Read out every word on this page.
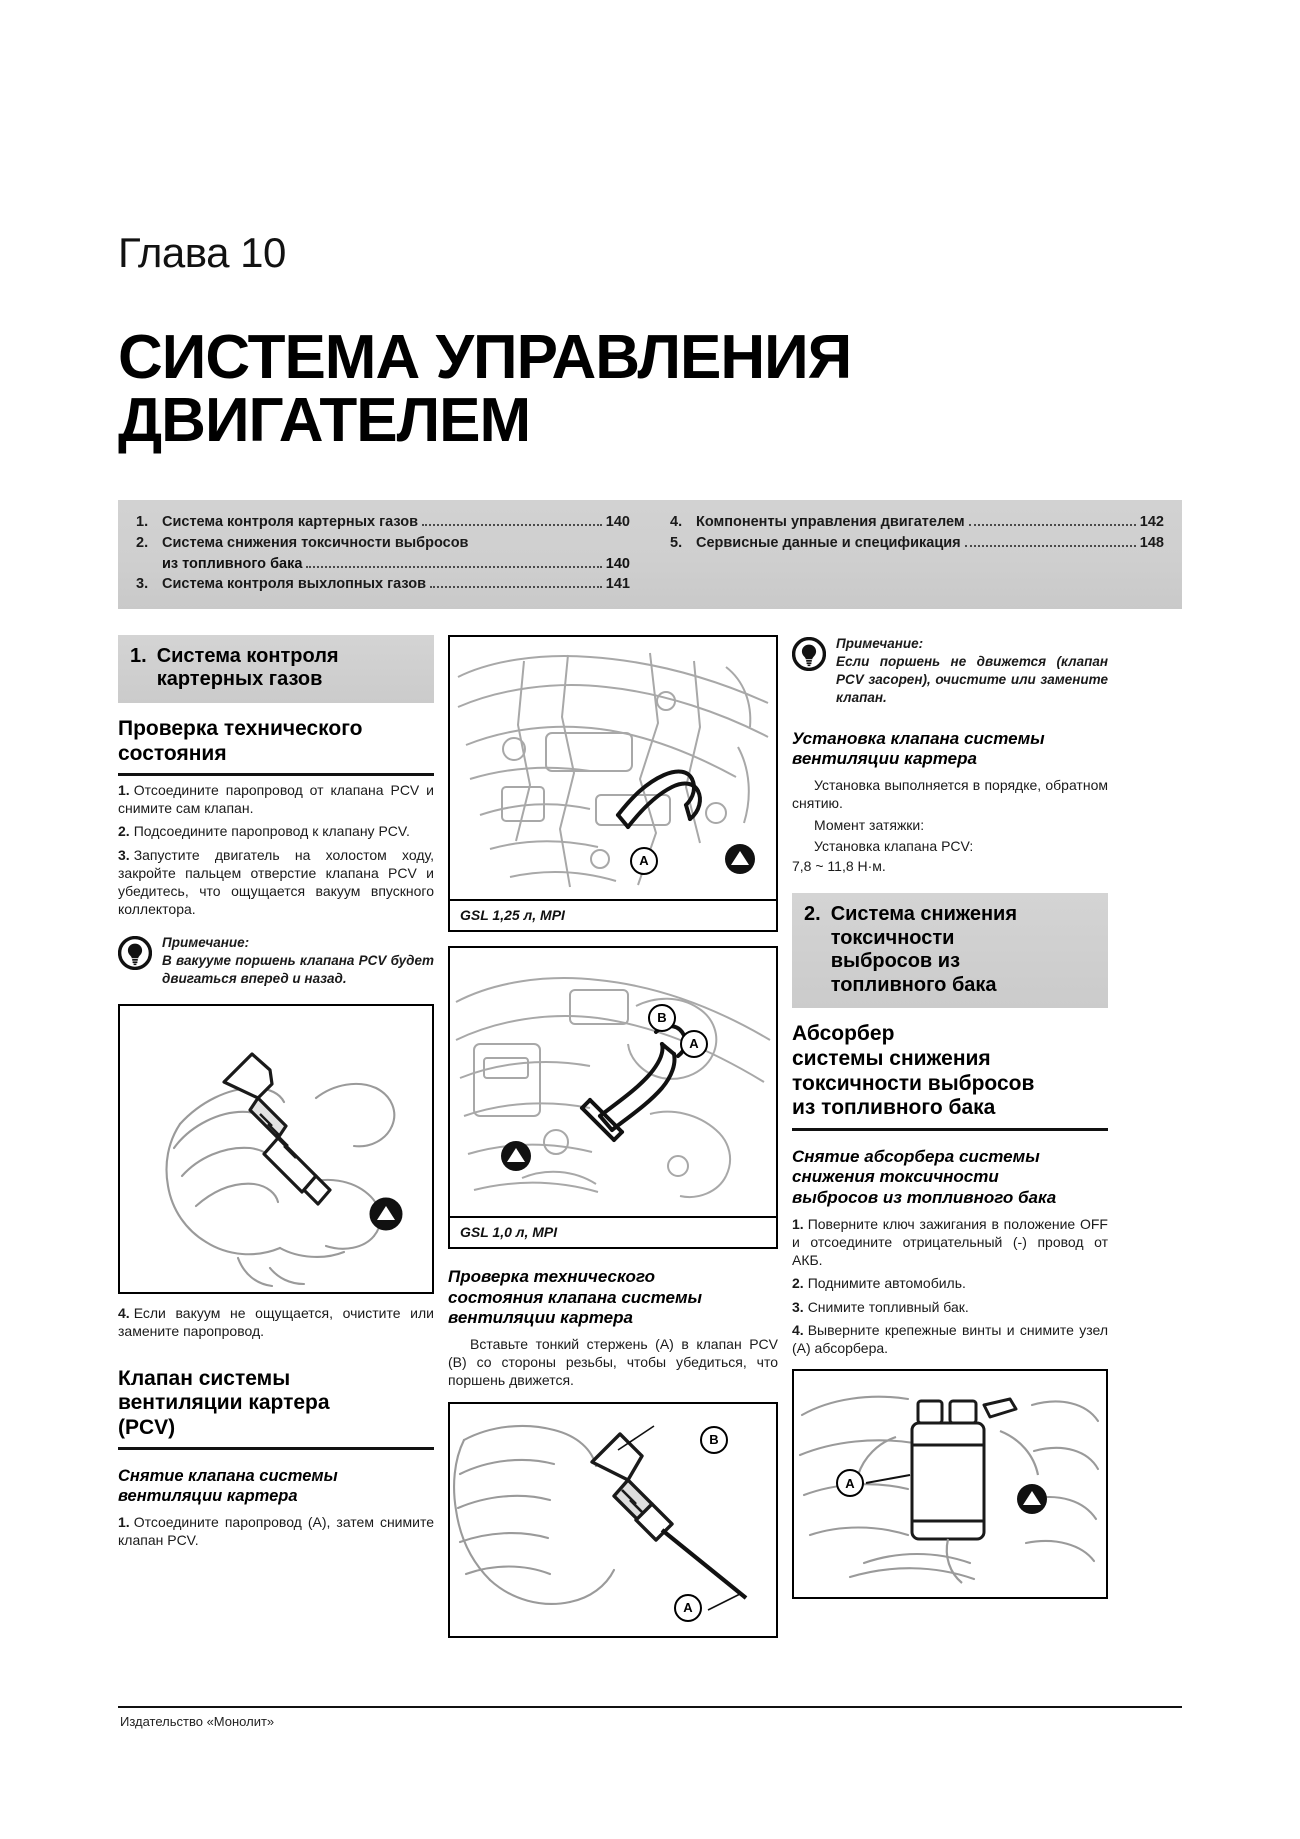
Глава 10
СИСТЕМА УПРАВЛЕНИЯ
ДВИГАТЕЛЕМ
1. Система контроля картерных газов	140
2. Система снижения токсичности выбросов
из топливного бака	140
3. Система контроля выхлопных газов	141
4. Компоненты управления двигателем	142
5. Сервисные данные и спецификация	148
1. Система контроля
картерных газов
Проверка технического
состояния

1. Отсоедините паропровод от клапана PCV и снимите сам клапан.

2. Подсоедините паропровод к клапану PCV.

3. Запустите двигатель на холостом ходу, закройте пальцем отверстие клапана PCV и убедитесь, что ощущается вакуум впускного коллектора.

Примечание:
В вакууме поршень клапана PCV будет двигаться вперед и назад.

4. Если вакуум не ощущается, очистите или замените паропровод.

Клапан системы
вентиляции картера
(PCV)
Снятие клапана системы
вентиляции картера

1. Отсоедините паропровод (A), затем снимите клапан PCV.

A
GSL 1,25 л, MPI
B
A
GSL 1,0 л, MPI
Проверка технического
состояния клапана системы
вентиляции картера

Вставьте тонкий стержень (A) в клапан PCV (B) со стороны резьбы, чтобы убедиться, что поршень движется.

B
A
Примечание:
Если поршень не движется (клапан PCV засорен), очистите или замените клапан.
Установка клапана системы
вентиляции картера

Установка выполняется в порядке, обратном снятию.

Момент затяжки:

Установка клапана PCV:

7,8 ~ 11,8 Н·м.

2. Система снижения
токсичности
выбросов из
топливного бака
Абсорбер
системы снижения
токсичности выбросов
из топливного бака
Снятие абсорбера системы
снижения токсичности
выбросов из топливного бака

1. Поверните ключ зажигания в положение OFF и отсоедините отрицательный (-) провод от АКБ.

2. Поднимите автомобиль.

3. Снимите топливный бак.

4. Выверните крепежные винты и снимите узел (A) абсорбера.

A
Издательство «Монолит»
